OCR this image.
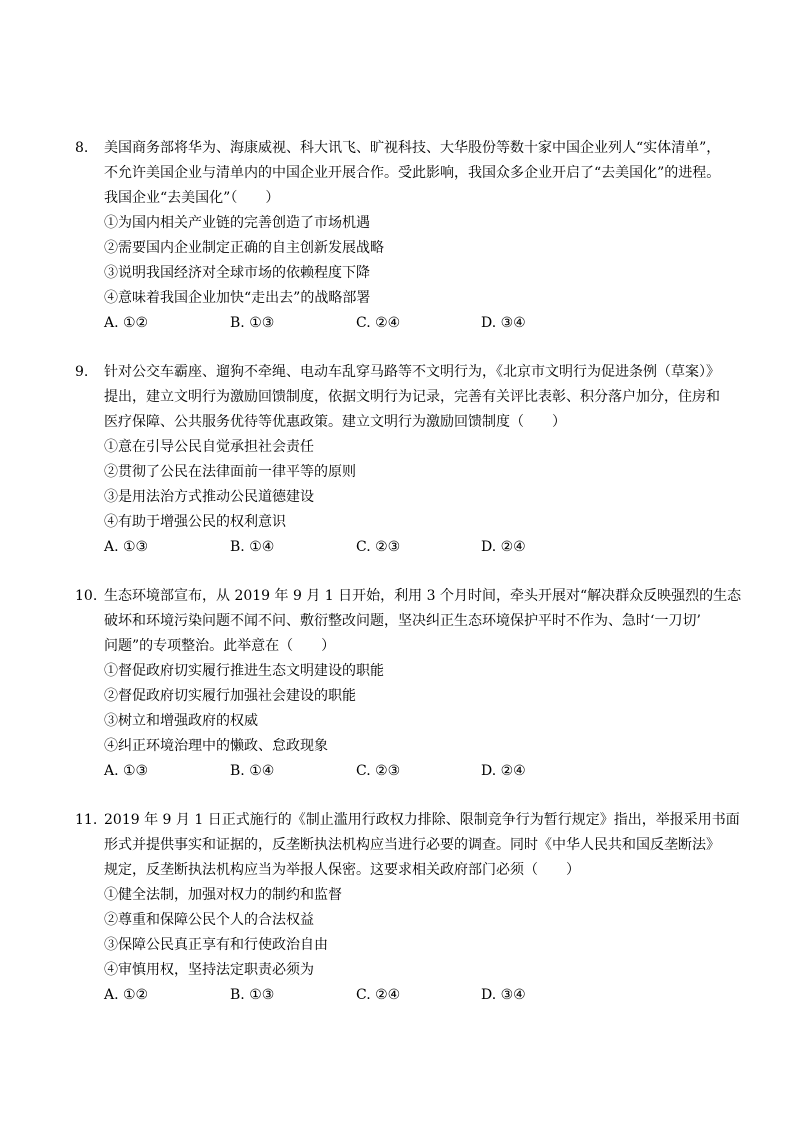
8. 美国商务部将华为、海康威视、科大讯飞、旷视科技、大华股份等数十家中国企业列人“实体清单”，
不允许美国企业与清单内的中国企业开展合作。受此影响，我国众多企业开启了“去美国化”的进程。
我国企业“去美国化”（　　）
①为国内相关产业链的完善创造了市场机遇
②需要国内企业制定正确的自主创新发展战略
③说明我国经济对全球市场的依赖程度下降
④意味着我国企业加快“走出去”的战略部署
A. ①②	B. ①③	C. ②④	D. ③④
9. 针对公交车霸座、遛狗不牵绳、电动车乱穿马路等不文明行为，《北京市文明行为促进条例（草案）》
提出，建立文明行为激励回馈制度，依据文明行为记录，完善有关评比表彰、积分落户加分，住房和
医疗保障、公共服务优待等优惠政策。建立文明行为激励回馈制度（　　）
①意在引导公民自觉承担社会责任
②贯彻了公民在法律面前一律平等的原则
③是用法治方式推动公民道德建设
④有助于增强公民的权利意识
A. ①③	B. ①④	C. ②③	D. ②④
10. 生态环境部宣布，从 2019 年 9 月 1 日开始，利用 3 个月时间，牵头开展对“解决群众反映强烈的生态
破坏和环境污染问题不闻不问、敷衍整改问题，坚决纠正生态环境保护平时不作为、急时‘一刀切’
问题”的专项整治。此举意在（　　）
①督促政府切实履行推进生态文明建设的职能
②督促政府切实履行加强社会建设的职能
③树立和增强政府的权威
④纠正环境治理中的懒政、怠政现象
A. ①③	B. ①④	C. ②③	D. ②④
11. 2019 年 9 月 1 日正式施行的《制止滥用行政权力排除、限制竞争行为暂行规定》指出，举报采用书面
形式并提供事实和证据的，反垄断执法机构应当进行必要的调查。同时《中华人民共和国反垄断法》
规定，反垄断执法机构应当为举报人保密。这要求相关政府部门必须（　　）
①健全法制，加强对权力的制约和监督
②尊重和保障公民个人的合法权益
③保障公民真正享有和行使政治自由
④审慎用权，坚持法定职责必须为
A. ①②	B. ①③	C. ②④	D. ③④
